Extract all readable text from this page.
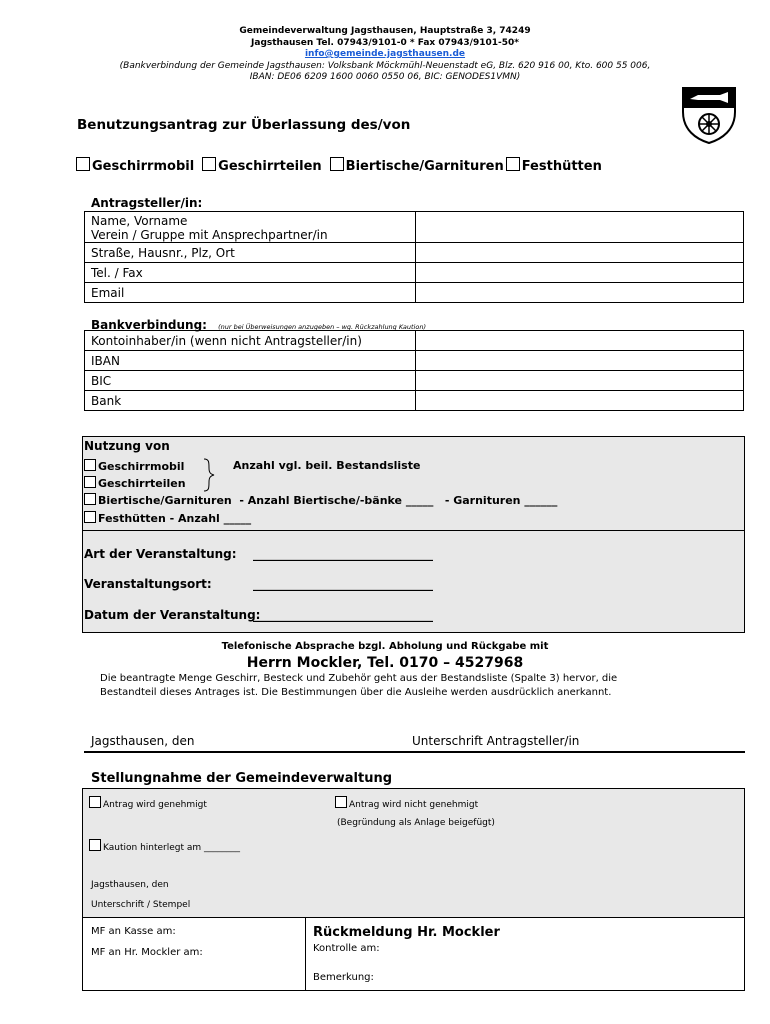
Gemeindeverwaltung Jagsthausen, Hauptstraße 3, 74249
Jagsthausen Tel. 07943/9101-0 * Fax 07943/9101-50*
info@gemeinde.jagsthausen.de
(Bankverbindung der Gemeinde Jagsthausen: Volksbank Möckmühl-Neuenstadt eG, Blz. 620 916 00, Kto. 600 55 006,
IBAN: DE06 6209 1600 0060 0550 06, BIC: GENODES1VMN)
Benutzungsantrag zur Überlassung des/von
Geschirrmobil	Geschirrteilen	Biertische/Garnituren	Festhütten
Antragsteller/in:
Name, Vorname
Verein / Gruppe mit Ansprechpartner/in	

Straße, Hausnr., Plz, Ort	
Tel. / Fax	
Email	
Bankverbindung: (nur bei Überweisungen anzugeben – wg. Rückzahlung Kaution)
Kontoinhaber/in (wenn nicht Antragsteller/in)	
IBAN	
BIC	
Bank	
Nutzung von
Geschirrmobil
Geschirrteilen
Anzahl vgl. beil. Bestandsliste
Biertische/Garnituren  - Anzahl Biertische/-bänke _____   - Garnituren ______
Festhütten - Anzahl _____
Art der Veranstaltung: ______________________________
Veranstaltungsort:	______________________________
Datum der Veranstaltung:
______________________________
Telefonische Absprache bzgl. Abholung und Rückgabe mit
Herrn Mockler, Tel. 0170 – 4527968
Die beantragte Menge Geschirr, Besteck und Zubehör geht aus der Bestandsliste (Spalte 3) hervor, die
Bestandteil dieses Antrages ist. Die Bestimmungen über die Ausleihe werden ausdrücklich anerkannt.
Jagsthausen, den	Unterschrift Antragsteller/in
Stellungnahme der Gemeindeverwaltung
Antrag wird genehmigt	Antrag wird nicht genehmigt
(Begründung als Anlage beigefügt)
Kaution hinterlegt am ________
Jagsthausen, den
Unterschrift / Stempel
MF an Kasse am:
MF an Hr. Mockler am:
Rückmeldung Hr. Mockler
Kontrolle am:
Bemerkung:
